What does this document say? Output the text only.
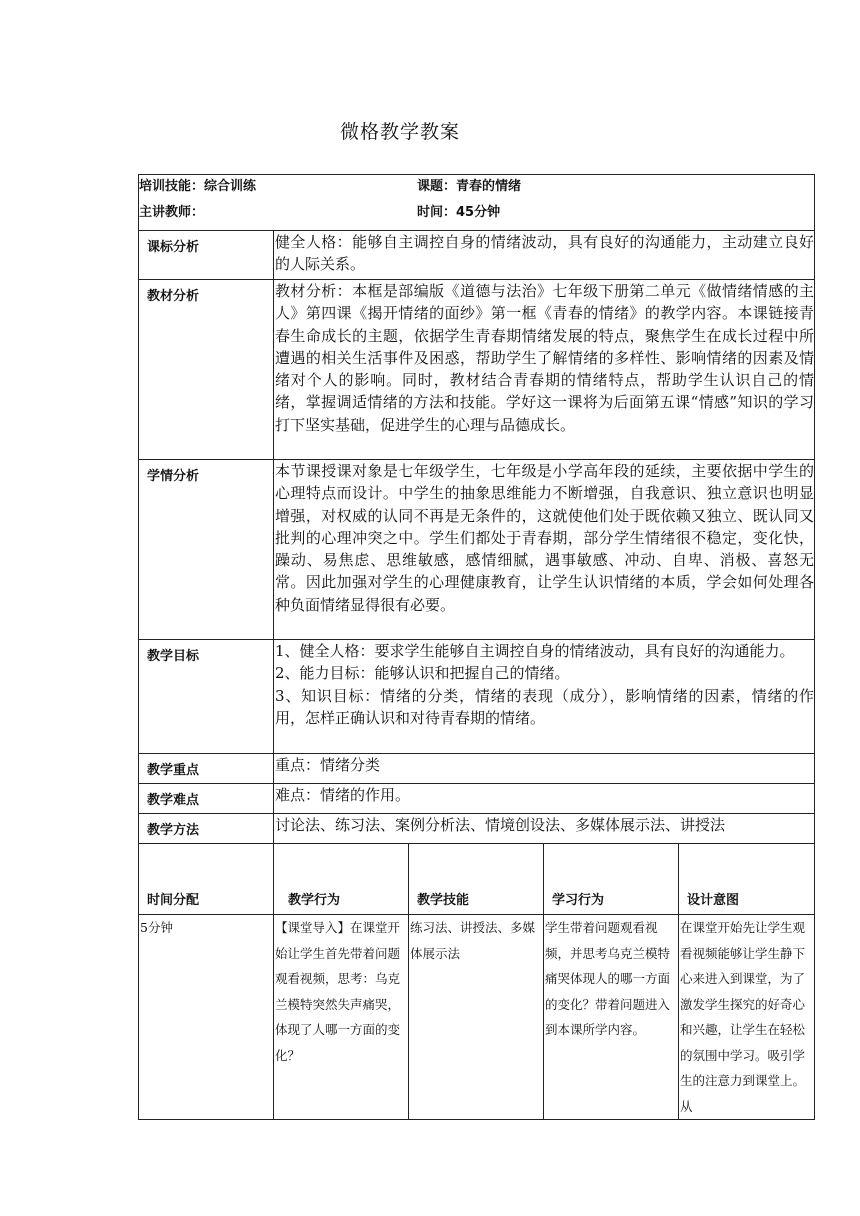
微格教学教案
培训技能：综合训练 课题：青春的情绪
主讲教师： 时间：45分钟				

课标分析	健全人格：能够自主调控自身的情绪波动，具有良好的沟通能力，主动建立良好的人际关系。			
教材分析	教材分析：本框是部编版《道德与法治》七年级下册第二单元《做情绪情感的主人》第四课《揭开情绪的面纱》第一框《青春的情绪》的教学内容。本课链接青春生命成长的主题，依据学生青春期情绪发展的特点，聚焦学生在成长过程中所遭遇的相关生活事件及困惑，帮助学生了解情绪的多样性、影响情绪的因素及情绪对个人的影响。同时，教材结合青春期的情绪特点，帮助学生认识自己的情绪，掌握调适情绪的方法和技能。学好这一课将为后面第五课“情感”知识的学习打下坚实基础，促进学生的心理与品德成长。			
学情分析	本节课授课对象是七年级学生，七年级是小学高年段的延续，主要依据中学生的心理特点而设计。中学生的抽象思维能力不断增强，自我意识、独立意识也明显增强，对权威的认同不再是无条件的，这就使他们处于既依赖又独立、既认同又批判的心理冲突之中。学生们都处于青春期，部分学生情绪很不稳定，变化快，躁动、易焦虑、思维敏感，感情细腻，遇事敏感、冲动、自卑、消极、喜怒无常。因此加强对学生的心理健康教育，让学生认识情绪的本质，学会如何处理各种负面情绪显得很有必要。			
教学目标	1、健全人格：要求学生能够自主调控自身的情绪波动，具有良好的沟通能力。
2、能力目标：能够认识和把握自己的情绪。
3、知识目标：情绪的分类，情绪的表现（成分），影响情绪的因素，情绪的作用，怎样正确认识和对待青春期的情绪。			

教学重点	重点：情绪分类			
教学难点	难点：情绪的作用。			
教学方法	讨论法、练习法、案例分析法、情境创设法、多媒体展示法、讲授法			
时间分配	教学行为	教学技能	学习行为	设计意图
5分钟	【课堂导入】在课堂开始让学生首先带着问题观看视频，思考：乌克兰模特突然失声痛哭，体现了人哪一方面的变化？	练习法、讲授法、多媒体展示法	学生带着问题观看视频，并思考乌克兰模特痛哭体现人的哪一方面的变化？带着问题进入到本课所学内容。	在课堂开始先让学生观看视频能够让学生静下心来进入到课堂，为了激发学生探究的好奇心和兴趣，让学生在轻松的氛围中学习。吸引学生的注意力到课堂上。从
